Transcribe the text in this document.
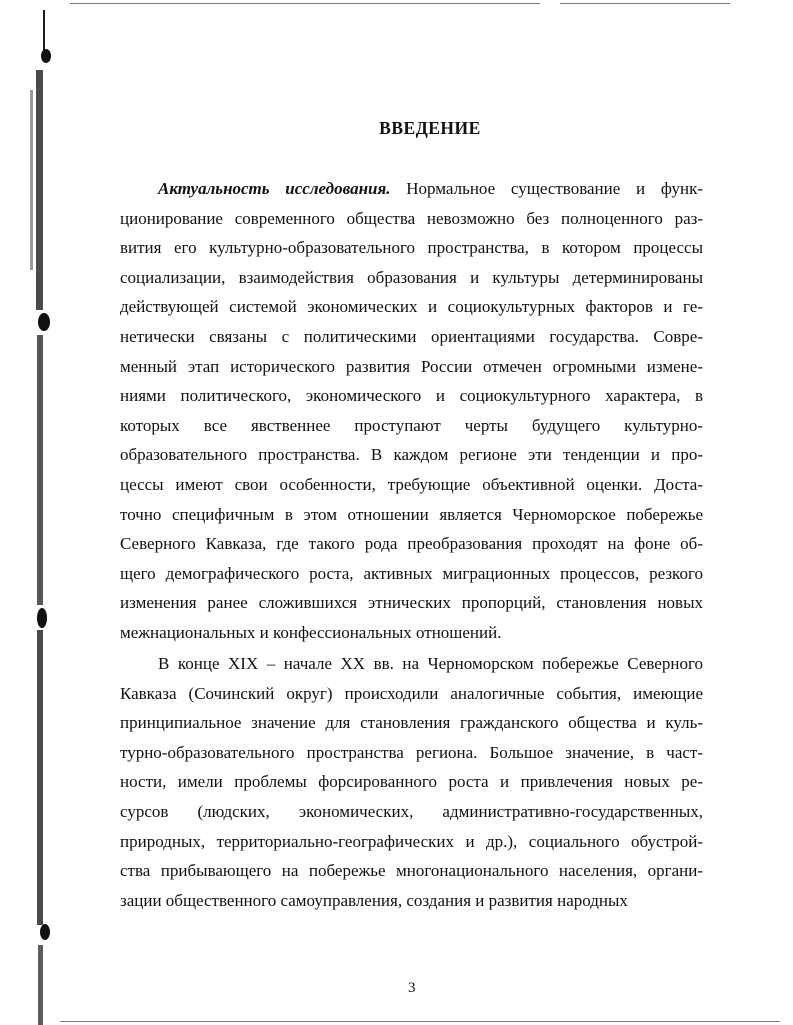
ВВЕДЕНИЕ

Актуальность исследования. Нормальное существование и функ-
ционирование современного общества невозможно без полноценного раз-
вития его культурно-образовательного пространства, в котором процессы
социализации, взаимодействия образования и культуры детерминированы
действующей системой экономических и социокультурных факторов и ге-
нетически связаны с политическими ориентациями государства. Совре-
менный этап исторического развития России отмечен огромными измене-
ниями политического, экономического и социокультурного характера, в
которых все явственнее проступают черты будущего культурно-
образовательного пространства. В каждом регионе эти тенденции и про-
цессы имеют свои особенности, требующие объективной оценки. Доста-
точно специфичным в этом отношении является Черноморское побережье
Северного Кавказа, где такого рода преобразования проходят на фоне об-
щего демографического роста, активных миграционных процессов, резкого
изменения ранее сложившихся этнических пропорций, становления новых
межнациональных и конфессиональных отношений.

В конце XIX – начале XX вв. на Черноморском побережье Северного
Кавказа (Сочинский округ) происходили аналогичные события, имеющие
принципиальное значение для становления гражданского общества и куль-
турно-образовательного пространства региона. Большое значение, в част-
ности, имели проблемы форсированного роста и привлечения новых ре-
сурсов (людских, экономических, административно-государственных,
природных, территориально-географических и др.), социального обустрой-
ства прибывающего на побережье многонационального населения, органи-
зации общественного самоуправления, создания и развития народных

3
